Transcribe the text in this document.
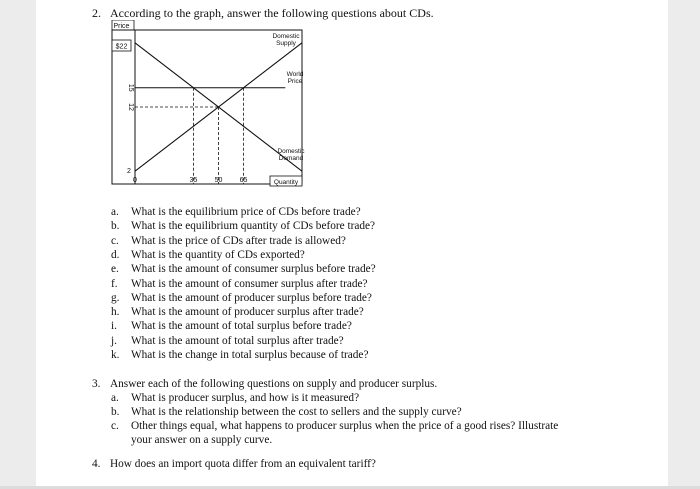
2. According to the graph, answer the following questions about CDs.
Price
$22
15
12
2
35 50 65
0	Quantity
Domestic
Supply
World
Price
Domestic
Demand
a. What is the equilibrium price of CDs before trade?
b. What is the equilibrium quantity of CDs before trade?
c. What is the price of CDs after trade is allowed?
d. What is the quantity of CDs exported?
e. What is the amount of consumer surplus before trade?
f. What is the amount of consumer surplus after trade?
g. What is the amount of producer surplus before trade?
h. What is the amount of producer surplus after trade?
i. What is the amount of total surplus before trade?
j. What is the amount of total surplus after trade?
k. What is the change in total surplus because of trade?
3. Answer each of the following questions on supply and producer surplus.
a. What is producer surplus, and how is it measured?
b. What is the relationship between the cost to sellers and the supply curve?
c. Other things equal, what happens to producer surplus when the price of a good rises? Illustrate
your answer on a supply curve.
4. How does an import quota differ from an equivalent tariff?
